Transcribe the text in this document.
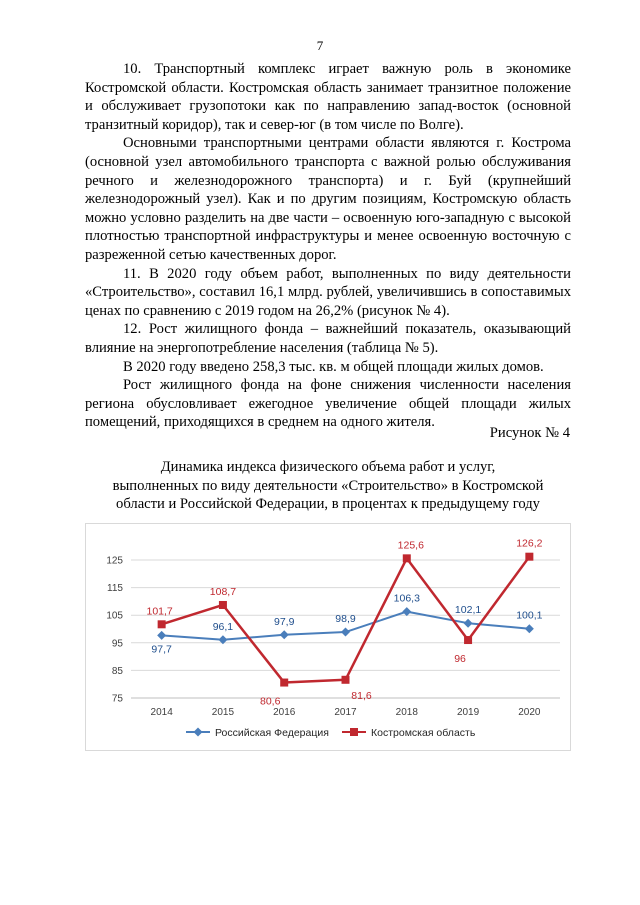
7

10. Транспортный комплекс играет важную роль в экономике Костромской области. Костромская область занимает транзитное положение и обслуживает грузопотоки как по направлению запад-восток (основной транзитный коридор), так и север-юг (в том числе по Волге).

Основными транспортными центрами области являются г. Кострома (основной узел автомобильного транспорта с важной ролью обслуживания речного и железнодорожного транспорта) и г. Буй (крупнейший железнодорожный узел). Как и по другим позициям, Костромскую область можно условно разделить на две части – освоенную юго-западную с высокой плотностью транспортной инфраструктуры и менее освоенную восточную с разреженной сетью качественных дорог.

11. В 2020 году объем работ, выполненных по виду деятельности «Строительство», составил 16,1 млрд. рублей, увеличившись в сопоставимых ценах по сравнению с 2019 годом на 26,2% (рисунок № 4).

12. Рост жилищного фонда – важнейший показатель, оказывающий влияние на энергопотребление населения (таблица № 5).

В 2020 году введено 258,3 тыс. кв. м общей площади жилых домов.

Рост жилищного фонда на фоне снижения численности населения региона обусловливает ежегодное увеличение общей площади жилых помещений, приходящихся в среднем на одного жителя.

Рисунок № 4
Динамика индекса физического объема работ и услуг,
выполненных по виду деятельности «Строительство» в Костромской
области и Российской Федерации, в процентах к предыдущему году
75
85
95
105
115
125
2014	2015	2016	2017	2018	2019	2020
97,7
96,1	97,9	98,9
106,3
102,1	100,1
101,7
108,7
80,6	81,6
125,6
96
126,2
Российская Федерация	Костромская область
